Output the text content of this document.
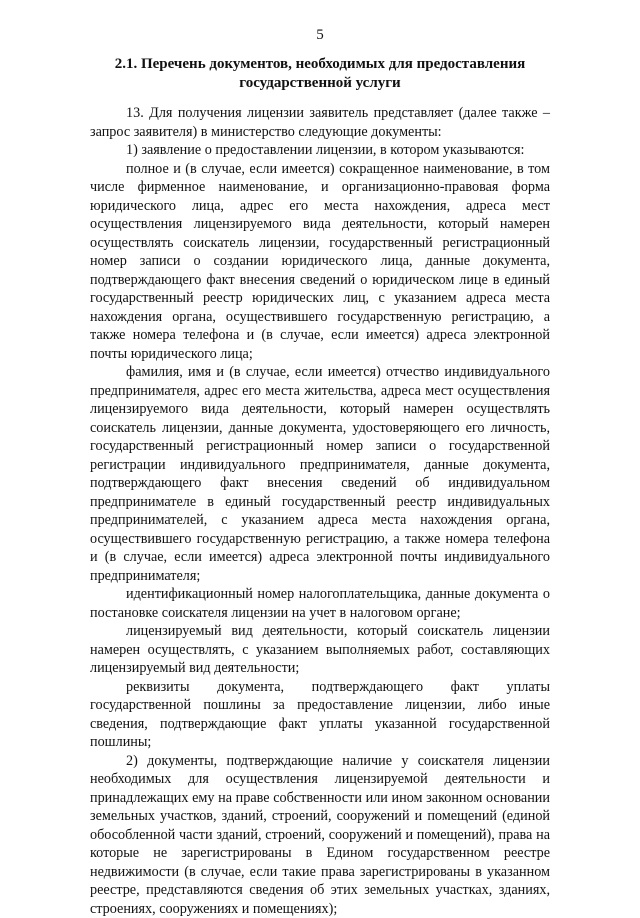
5
2.1. Перечень документов, необходимых для предоставления государственной услуги

13. Для получения лицензии заявитель представляет (далее также – запрос заявителя) в министерство следующие документы:

1) заявление о предоставлении лицензии, в котором указываются:

полное и (в случае, если имеется) сокращенное наименование, в том числе фирменное наименование, и организационно-правовая форма юридического лица, адрес его места нахождения, адреса мест осуществления лицензируемого вида деятельности, который намерен осуществлять соискатель лицензии, государственный регистрационный номер записи о создании юридического лица, данные документа, подтверждающего факт внесения сведений о юридическом лице в единый государственный реестр юридических лиц, с указанием адреса места нахождения органа, осуществившего государственную регистрацию, а также номера телефона и (в случае, если имеется) адреса электронной почты юридического лица;

фамилия, имя и (в случае, если имеется) отчество индивидуального предпринимателя, адрес его места жительства, адреса мест осуществления лицензируемого вида деятельности, который намерен осуществлять соискатель лицензии, данные документа, удостоверяющего его личность, государственный регистрационный номер записи о государственной регистрации индивидуального предпринимателя, данные документа, подтверждающего факт внесения сведений об индивидуальном предпринимателе в единый государственный реестр индивидуальных предпринимателей, с указанием адреса места нахождения органа, осуществившего государственную регистрацию, а также номера телефона и (в случае, если имеется) адреса электронной почты индивидуального предпринимателя;

идентификационный номер налогоплательщика, данные документа о постановке соискателя лицензии на учет в налоговом органе;

лицензируемый вид деятельности, который соискатель лицензии намерен осуществлять, с указанием выполняемых работ, составляющих лицензируемый вид деятельности;

реквизиты документа, подтверждающего факт уплаты государственной пошлины за предоставление лицензии, либо иные сведения, подтверждающие факт уплаты указанной государственной пошлины;

2) документы, подтверждающие наличие у соискателя лицензии необходимых для осуществления лицензируемой деятельности и принадлежащих ему на праве собственности или ином законном основании земельных участков, зданий, строений, сооружений и помещений (единой обособленной части зданий, строений, сооружений и помещений), права на которые не зарегистрированы в Едином государственном реестре недвижимости (в случае, если такие права зарегистрированы в указанном реестре, представляются сведения об этих земельных участках, зданиях, строениях, сооружениях и помещениях);
